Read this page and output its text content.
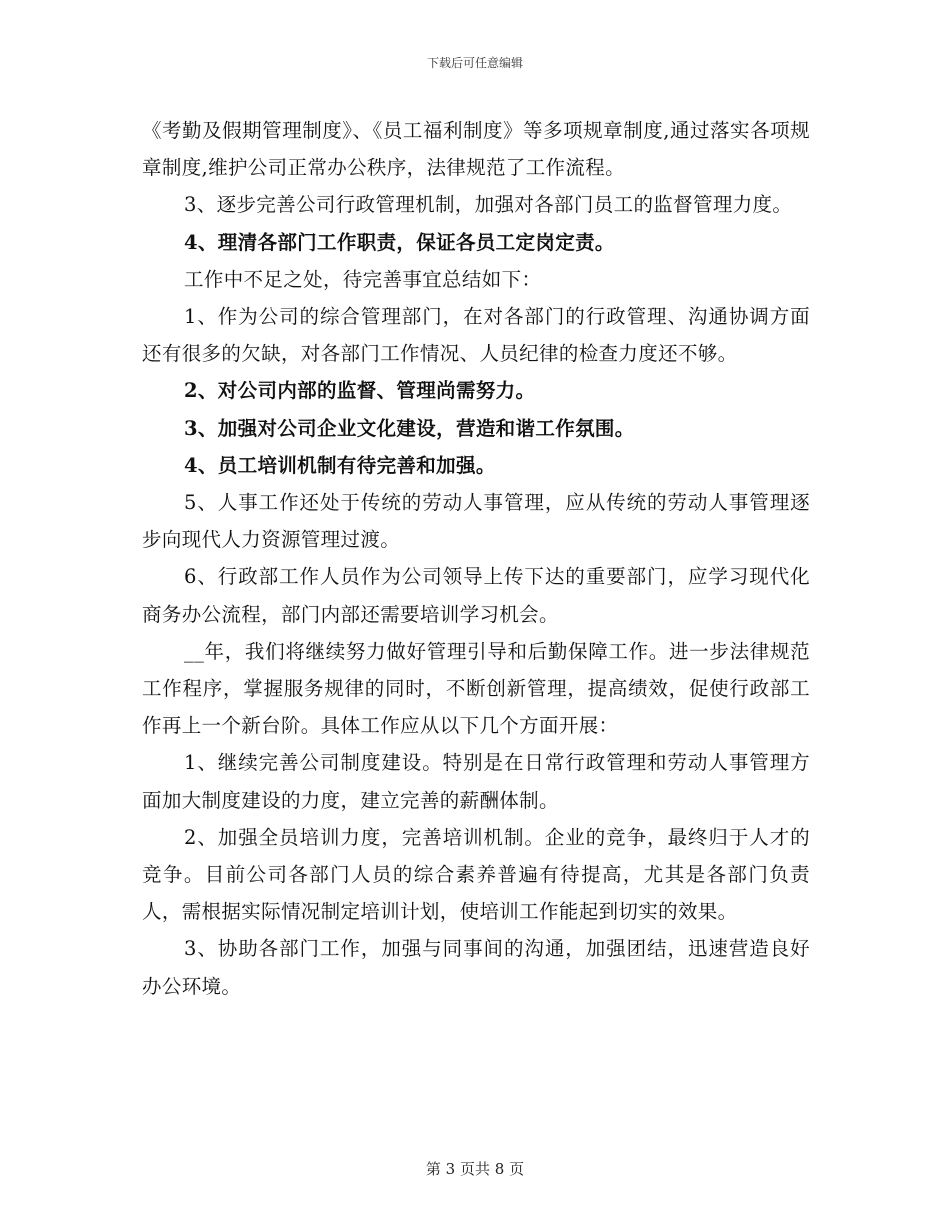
下载后可任意编辑

《考勤及假期管理制度》、《员工福利制度》等多项规章制度,通过落实各项规章制度,维护公司正常办公秩序，法律规范了工作流程。

3、逐步完善公司行政管理机制，加强对各部门员工的监督管理力度。

4、理清各部门工作职责，保证各员工定岗定责。

工作中不足之处，待完善事宜总结如下：

1、作为公司的综合管理部门，在对各部门的行政管理、沟通协调方面还有很多的欠缺，对各部门工作情况、人员纪律的检查力度还不够。

2、对公司内部的监督、管理尚需努力。

3、加强对公司企业文化建设，营造和谐工作氛围。

4、员工培训机制有待完善和加强。

5、人事工作还处于传统的劳动人事管理，应从传统的劳动人事管理逐步向现代人力资源管理过渡。

6、行政部工作人员作为公司领导上传下达的重要部门，应学习现代化商务办公流程，部门内部还需要培训学习机会。

__年，我们将继续努力做好管理引导和后勤保障工作。进一步法律规范工作程序，掌握服务规律的同时，不断创新管理，提高绩效，促使行政部工作再上一个新台阶。具体工作应从以下几个方面开展：

1、继续完善公司制度建设。特别是在日常行政管理和劳动人事管理方面加大制度建设的力度，建立完善的薪酬体制。

2、加强全员培训力度，完善培训机制。企业的竞争，最终归于人才的竞争。目前公司各部门人员的综合素养普遍有待提高，尤其是各部门负责人，需根据实际情况制定培训计划，使培训工作能起到切实的效果。

3、协助各部门工作，加强与同事间的沟通，加强团结，迅速营造良好办公环境。

第 3 页共 8 页
